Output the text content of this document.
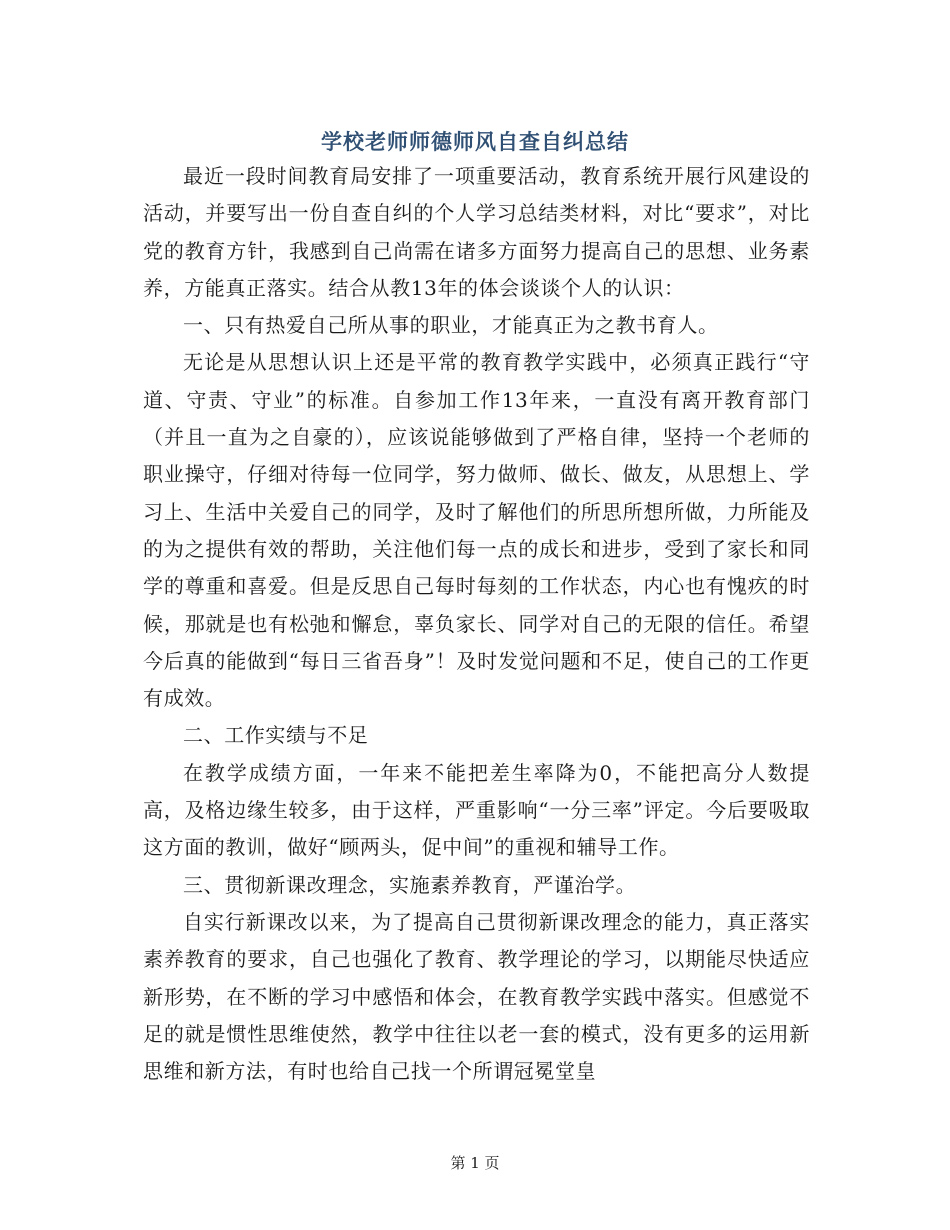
学校老师师德师风自查自纠总结

最近一段时间教育局安排了一项重要活动，教育系统开展行风建设的活动，并要写出一份自查自纠的个人学习总结类材料，对比“要求”，对比党的教育方针，我感到自己尚需在诸多方面努力提高自己的思想、业务素养，方能真正落实。结合从教13年的体会谈谈个人的认识：

一、只有热爱自己所从事的职业，才能真正为之教书育人。

无论是从思想认识上还是平常的教育教学实践中，必须真正践行“守道、守责、守业”的标准。自参加工作13年来，一直没有离开教育部门（并且一直为之自豪的），应该说能够做到了严格自律，坚持一个老师的职业操守，仔细对待每一位同学，努力做师、做长、做友，从思想上、学习上、生活中关爱自己的同学，及时了解他们的所思所想所做，力所能及的为之提供有效的帮助，关注他们每一点的成长和进步，受到了家长和同学的尊重和喜爱。但是反思自己每时每刻的工作状态，内心也有愧疚的时候，那就是也有松弛和懈怠，辜负家长、同学对自己的无限的信任。希望今后真的能做到“每日三省吾身”！及时发觉问题和不足，使自己的工作更有成效。

二、工作实绩与不足

在教学成绩方面，一年来不能把差生率降为0，不能把高分人数提高，及格边缘生较多，由于这样，严重影响“一分三率”评定。今后要吸取这方面的教训，做好“顾两头，促中间”的重视和辅导工作。

三、贯彻新课改理念，实施素养教育，严谨治学。

自实行新课改以来，为了提高自己贯彻新课改理念的能力，真正落实素养教育的要求，自己也强化了教育、教学理论的学习，以期能尽快适应新形势，在不断的学习中感悟和体会，在教育教学实践中落实。但感觉不足的就是惯性思维使然，教学中往往以老一套的模式，没有更多的运用新思维和新方法，有时也给自己找一个所谓冠冕堂皇

第 1 页
